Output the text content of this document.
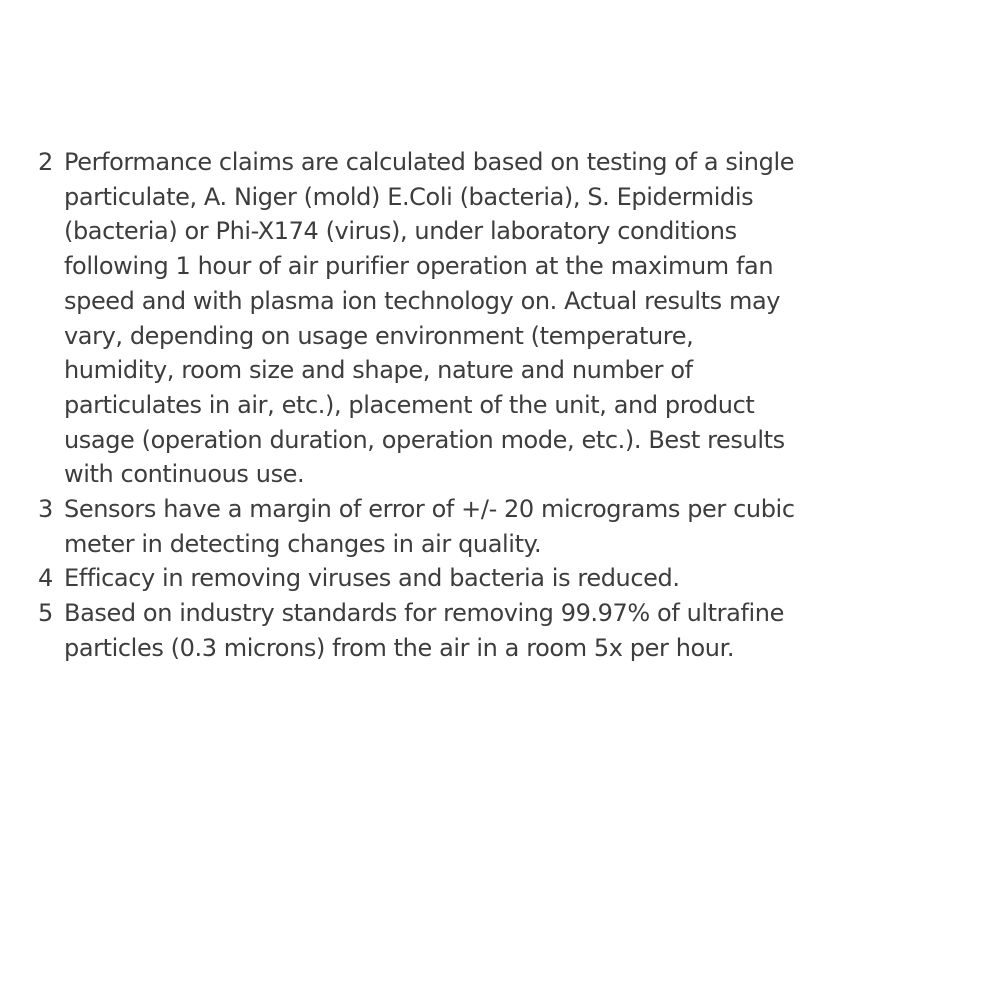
2 Performance claims are calculated based on testing of a single
particulate, A. Niger (mold) E.Coli (bacteria), S. Epidermidis
(bacteria) or Phi-X174 (virus), under laboratory conditions
following 1 hour of air purifier operation at the maximum fan
speed and with plasma ion technology on. Actual results may
vary, depending on usage environment (temperature,
humidity, room size and shape, nature and number of
particulates in air, etc.), placement of the unit, and product
usage (operation duration, operation mode, etc.). Best results
with continuous use.
3 Sensors have a margin of error of +/- 20 micrograms per cubic
meter in detecting changes in air quality.
4 Efficacy in removing viruses and bacteria is reduced.
5 Based on industry standards for removing 99.97% of ultrafine
particles (0.3 microns) from the air in a room 5x per hour.
